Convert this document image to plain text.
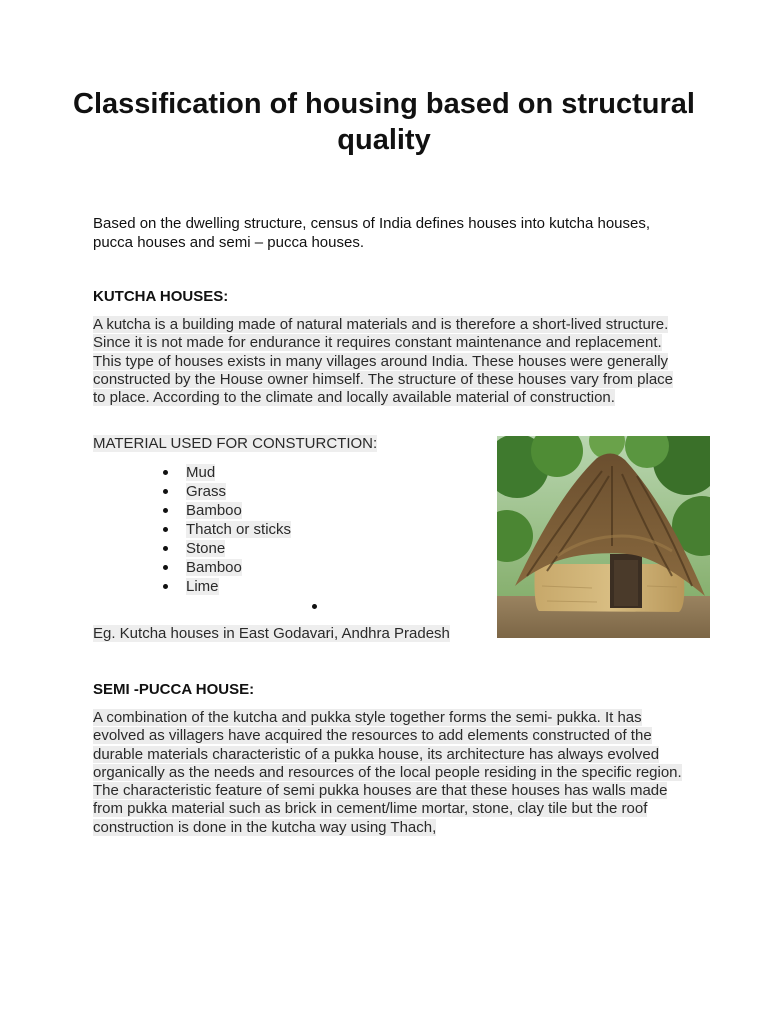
Classification of housing based on structural quality

Based on the dwelling structure, census of India defines houses into kutcha houses, pucca houses and semi – pucca houses.

KUTCHA HOUSES:

A kutcha is a building made of natural materials and is therefore a short-lived structure. Since it is not made for endurance it requires constant maintenance and replacement. This type of houses exists in many villages around India. These houses were generally constructed by the House owner himself. The structure of these houses vary from place to place. According to the climate and locally available material of construction.

MATERIAL USED FOR CONSTURCTION:

Mud
Grass
Bamboo
Thatch or sticks
Stone
Bamboo
Lime

Eg. Kutcha houses in East Godavari, Andhra Pradesh

SEMI -PUCCA HOUSE:

A combination of the kutcha and pukka style together forms the semi- pukka. It has evolved as villagers have acquired the resources to add elements constructed of the durable materials characteristic of a pukka house, its architecture has always evolved organically as the needs and resources of the local people residing in the specific region. The characteristic feature of semi pukka houses are that these houses has walls made from pukka material such as brick in cement/lime mortar, stone, clay tile but the roof construction is done in the kutcha way using Thach,
